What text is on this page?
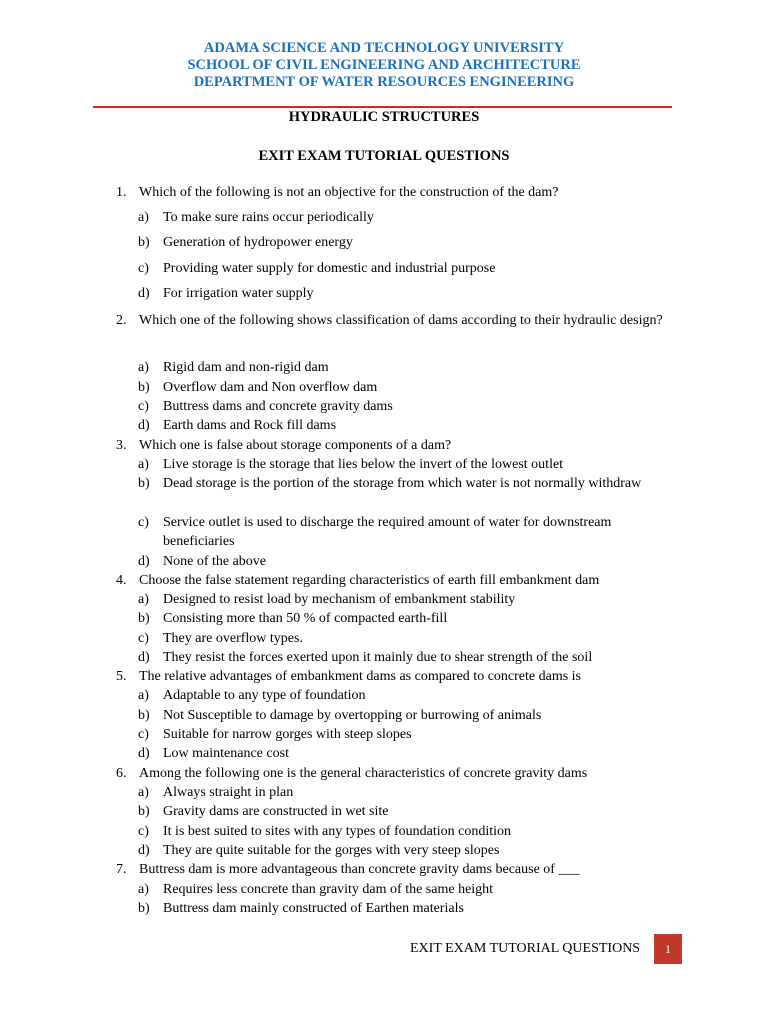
ADAMA SCIENCE AND TECHNOLOGY UNIVERSITY
SCHOOL OF CIVIL ENGINEERING AND ARCHITECTURE
DEPARTMENT OF WATER RESOURCES ENGINEERING
HYDRAULIC STRUCTURES
EXIT EXAM TUTORIAL QUESTIONS
1. Which of the following is not an objective for the construction of the dam?
a) To make sure rains occur periodically
b) Generation of hydropower energy
c) Providing water supply for domestic and industrial purpose
d) For irrigation water supply
2. Which one of the following shows classification of dams according to their hydraulic design?
a) Rigid dam and non-rigid dam
b) Overflow dam and Non overflow dam
c) Buttress dams and concrete gravity dams
d) Earth dams and Rock fill dams
3. Which one is false about storage components of a dam?
a) Live storage is the storage that lies below the invert of the lowest outlet
b) Dead storage is the portion of the storage from which water is not normally withdraw
c) Service outlet is used to discharge the required amount of water for downstream beneficiaries
d) None of the above
4. Choose the false statement regarding characteristics of earth fill embankment dam
a) Designed to resist load by mechanism of embankment stability
b) Consisting more than 50 % of compacted earth-fill
c) They are overflow types.
d) They resist the forces exerted upon it mainly due to shear strength of the soil
5. The relative advantages of embankment dams as compared to concrete dams is
a) Adaptable to any type of foundation
b) Not Susceptible to damage by overtopping or burrowing of animals
c) Suitable for narrow gorges with steep slopes
d) Low maintenance cost
6. Among the following one is the general characteristics of concrete gravity dams
a) Always straight in plan
b) Gravity dams are constructed in wet site
c) It is best suited to sites with any types of foundation condition
d) They are quite suitable for the gorges with very steep slopes
7. Buttress dam is more advantageous than concrete gravity dams because of ___
a) Requires less concrete than gravity dam of the same height
b) Buttress dam mainly constructed of Earthen materials
EXIT EXAM TUTORIAL QUESTIONS 1
